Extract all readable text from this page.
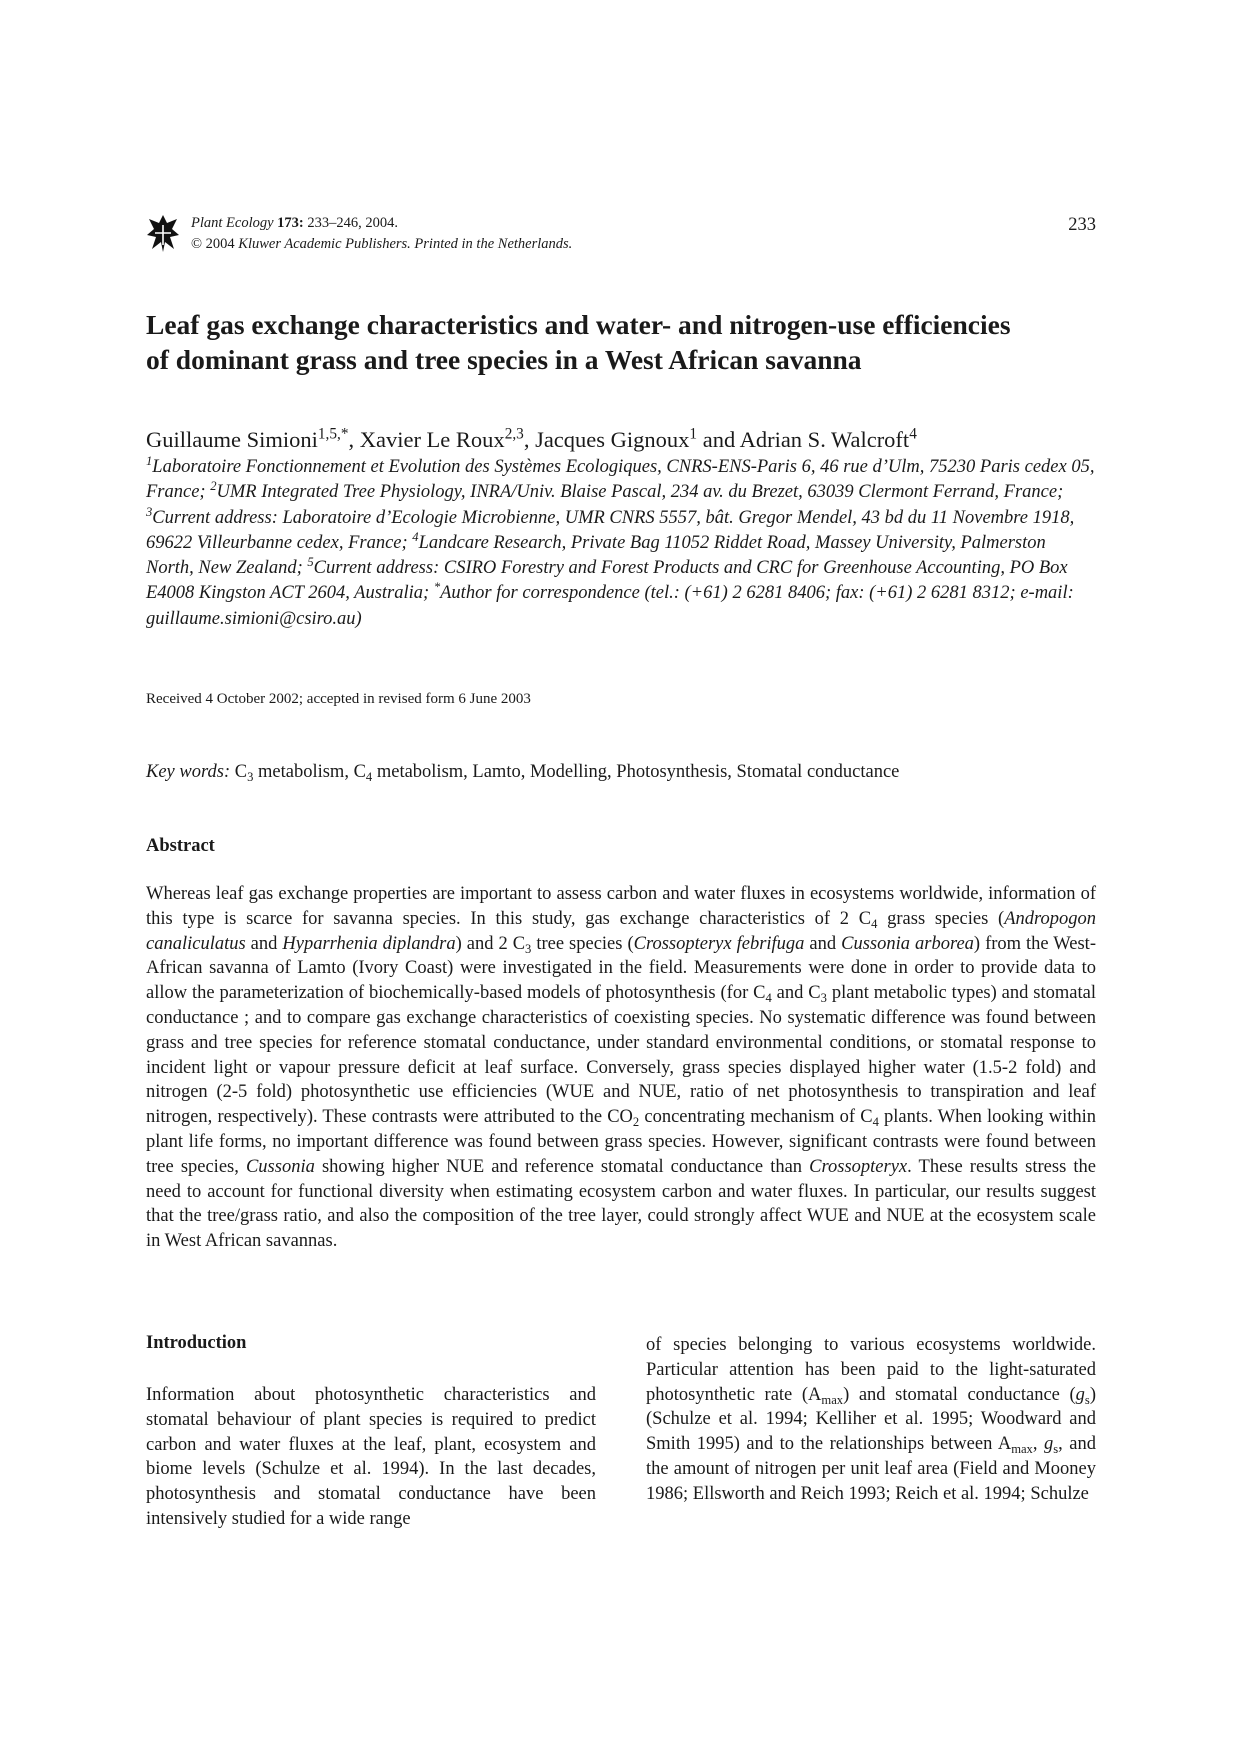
Plant Ecology 173: 233–246, 2004.
© 2004 Kluwer Academic Publishers. Printed in the Netherlands.
233
Leaf gas exchange characteristics and water- and nitrogen-use efficiencies
of dominant grass and tree species in a West African savanna
Guillaume Simioni$^{1,5,*}$, Xavier Le Roux$^{2,3}$, Jacques Gignoux$^1$ and Adrian S. Walcroft$^4$
$^1$Laboratoire Fonctionnement et Evolution des Systèmes Ecologiques, CNRS-ENS-Paris 6, 46 rue d’Ulm, 75230 Paris cedex 05, France; $^2$UMR Integrated Tree Physiology, INRA/Univ. Blaise Pascal, 234 av. du Brezet, 63039 Clermont Ferrand, France; $^3$Current address: Laboratoire d’Ecologie Microbienne, UMR CNRS 5557, bât. Gregor Mendel, 43 bd du 11 Novembre 1918, 69622 Villeurbanne cedex, France; $^4$Landcare Research, Private Bag 11052 Riddet Road, Massey University, Palmerston North, New Zealand; $^5$Current address: CSIRO Forestry and Forest Products and CRC for Greenhouse Accounting, PO Box E4008 Kingston ACT 2604, Australia; *Author for correspondence (tel.: (+61) 2 6281 8406; fax: (+61) 2 6281 8312; e-mail: guillaume.simioni@csiro.au)
Received 4 October 2002; accepted in revised form 6 June 2003
Key words: $C_3$ metabolism, $C_4$ metabolism, Lamto, Modelling, Photosynthesis, Stomatal conductance
Abstract

Whereas leaf gas exchange properties are important to assess carbon and water fluxes in ecosystems worldwide, information of this type is scarce for savanna species. In this study, gas exchange characteristics of 2 $C_4$ grass species (Andropogon canaliculatus and Hyparrhenia diplandra) and 2 $C_3$ tree species (Crossopteryx febrifuga and Cussonia arborea) from the West-African savanna of Lamto (Ivory Coast) were investigated in the field. Measurements were done in order to provide data to allow the parameterization of biochemically-based models of photosynthesis (for $C_4$ and $C_3$ plant metabolic types) and stomatal conductance ; and to compare gas exchange characteristics of coexisting species. No systematic difference was found between grass and tree species for reference stomatal conductance, under standard environmental conditions, or stomatal response to incident light or vapour pressure deficit at leaf surface. Conversely, grass species displayed higher water (1.5-2 fold) and nitrogen (2-5 fold) photosynthetic use efficiencies (WUE and NUE, ratio of net photosynthesis to transpiration and leaf nitrogen, respectively). These contrasts were attributed to the $CO_2$ concentrating mechanism of $C_4$ plants. When looking within plant life forms, no important difference was found between grass species. However, significant contrasts were found between tree species, Cussonia showing higher NUE and reference stomatal conductance than Crossopteryx. These results stress the need to account for functional diversity when estimating ecosystem carbon and water fluxes. In particular, our results suggest that the tree/grass ratio, and also the composition of the tree layer, could strongly affect WUE and NUE at the ecosystem scale in West African savannas.

Introduction

Information about photosynthetic characteristics and stomatal behaviour of plant species is required to predict carbon and water fluxes at the leaf, plant, ecosystem and biome levels (Schulze et al. 1994). In the last decades, photosynthesis and stomatal conductance have been intensively studied for a wide range

of species belonging to various ecosystems worldwide. Particular attention has been paid to the light-saturated photosynthetic rate $(A_{max})$ and stomatal conductance $(g_s)$ (Schulze et al. 1994; Kelliher et al. 1995; Woodward and Smith 1995) and to the relationships between $A_{max}$, $g_s$, and the amount of nitrogen per unit leaf area (Field and Mooney 1986; Ellsworth and Reich 1993; Reich et al. 1994; Schulze
